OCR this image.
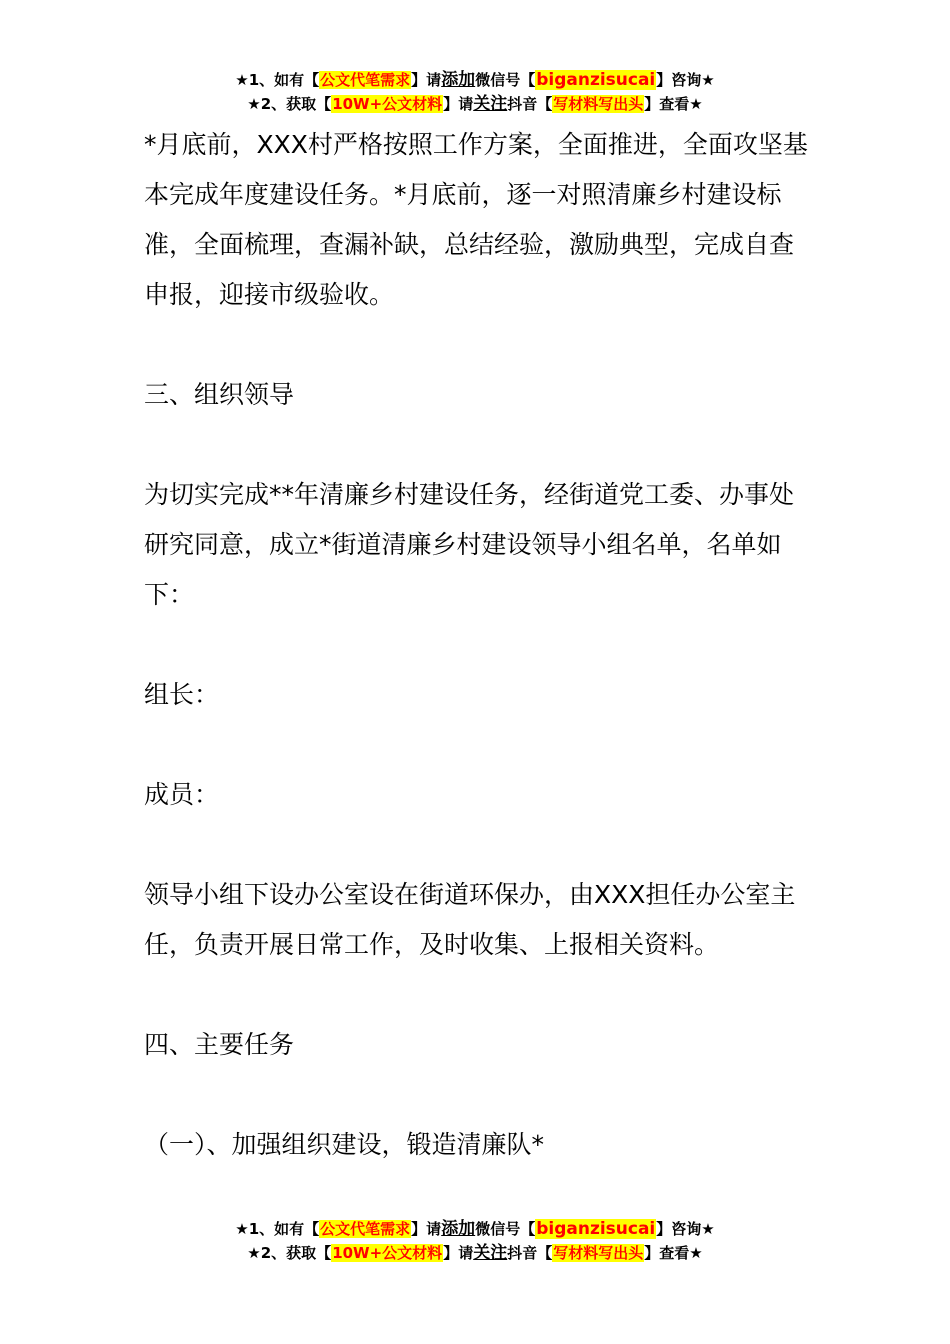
★1、如有【公文代笔需求】请添加微信号【biganzisucai】咨询★
★2、获取【10W+公文材料】请关注抖音【写材料写出头】查看★

*月底前，XXX村严格按照工作方案，全面推进，全面攻坚基本完成年度建设任务。*月底前，逐一对照清廉乡村建设标准，全面梳理，查漏补缺，总结经验，激励典型，完成自查申报，迎接市级验收。

三、组织领导

为切实完成**年清廉乡村建设任务，经街道党工委、办事处研究同意，成立*街道清廉乡村建设领导小组名单，名单如下：

组长：

成员：

领导小组下设办公室设在街道环保办，由XXX担任办公室主任，负责开展日常工作，及时收集、上报相关资料。

四、主要任务

（一）、加强组织建设，锻造清廉队*

★1、如有【公文代笔需求】请添加微信号【biganzisucai】咨询★
★2、获取【10W+公文材料】请关注抖音【写材料写出头】查看★
